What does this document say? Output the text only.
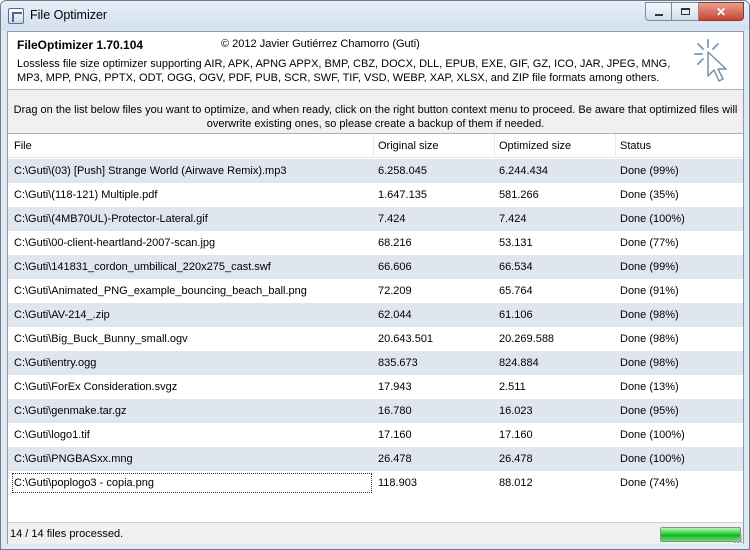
File Optimizer	✕
FileOptimizer 1.70.104	© 2012 Javier Gutiérrez Chamorro (Guti)
Lossless file size optimizer supporting AIR, APK, APNG APPX, BMP, CBZ, DOCX, DLL, EPUB, EXE, GIF, GZ, ICO, JAR, JPEG, MNG, MP3, MPP, PNG, PPTX, ODT, OGG, OGV, PDF, PUB, SCR, SWF, TIF, VSD, WEBP, XAP, XLSX, and ZIP file formats among others.
Drag on the list below files you want to optimize, and when ready, click on the right button context menu to proceed. Be aware that optimized files will
overwrite existing ones, so please create a backup of them if needed.
File	Original size	Optimized size	Status
C:\Guti\(03) [Push] Strange World (Airwave Remix).mp3	6.258.045	6.244.434	Done (99%)
C:\Guti\(118-121) Multiple.pdf	1.647.135	581.266	Done (35%)
C:\Guti\(4MB70UL)-Protector-Lateral.gif	7.424	7.424	Done (100%)
C:\Guti\00-client-heartland-2007-scan.jpg	68.216	53.131	Done (77%)
C:\Guti\141831_cordon_umbilical_220x275_cast.swf	66.606	66.534	Done (99%)
C:\Guti\Animated_PNG_example_bouncing_beach_ball.png	72.209	65.764	Done (91%)
C:\Guti\AV-214_.zip	62.044	61.106	Done (98%)
C:\Guti\Big_Buck_Bunny_small.ogv	20.643.501	20.269.588	Done (98%)
C:\Guti\entry.ogg	835.673	824.884	Done (98%)
C:\Guti\ForEx Consideration.svgz	17.943	2.511	Done (13%)
C:\Guti\genmake.tar.gz	16.780	16.023	Done (95%)
C:\Guti\logo1.tif	17.160	17.160	Done (100%)
C:\Guti\PNGBASxx.mng	26.478	26.478	Done (100%)
C:\Guti\poplogo3 - copia.png	118.903	88.012	Done (74%)
14 / 14 files processed.
